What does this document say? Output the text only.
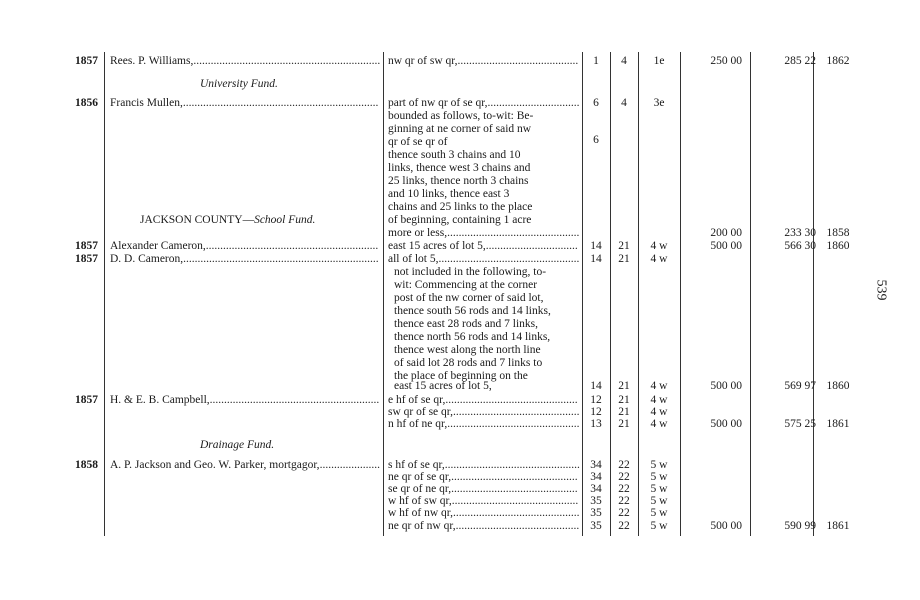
1857 Rees. P. Williams,................................................................. nw qr of sw qr,..........................................	1	4	1e	250 00	285 22 1862
University Fund.
1856 Francis Mullen,.................................................................... part of nw qr of se qr,................................	6	4	3e
bounded as follows, to-wit: Be-
ginning at ne corner of said nw
qr of se qr of	6
thence south 3 chains and 10
links, thence west 3 chains and
25 links, thence north 3 chains
and 10 links, thence east 3
chains and 25 links to the place
of beginning, containing 1 acre
more or less,..............................................	200 00	233 30 1858
JACKSON COUNTY—School Fund.
1857 Alexander Cameron,............................................................ east 15 acres of lot 5,................................	14	21	4 w	500 00	566 30 1860
1857 D. D. Cameron,.................................................................... all of lot 5,................................................. 14	21	4 w
not included in the following, to-
wit: Commencing at the corner
post of the nw corner of said lot,
thence south 56 rods and 14 links,
thence east 28 rods and 7 links,
thence north 56 rods and 14 links,
thence west along the north line
of said lot 28 rods and 7 links to
the place of beginning on the
east 15 acres of lot 5,	14	21	4 w	500 00	569 97 1860
1857 H. & E. B. Campbell,........................................................... e hf of se qr,..............................................	12	21	4 w
sw qr of se qr,............................................ 12	21	4 w
n hf of ne qr,.............................................. 13	21	4 w	500 00	575 25 1861
Drainage Fund.
1858 A. P. Jackson and Geo. W. Parker, mortgagor,..................... s hf of se qr,............................................... 34	22	5 w
ne qr of se qr,............................................	34	22	5 w
se qr of ne qr,............................................	34	22	5 w
w hf of sw qr,............................................	35	22	5 w
w hf of nw qr,............................................ 35	22	5 w
ne qr of nw qr,........................................... 35	22	5 w	500 00	590 99 1861
539
